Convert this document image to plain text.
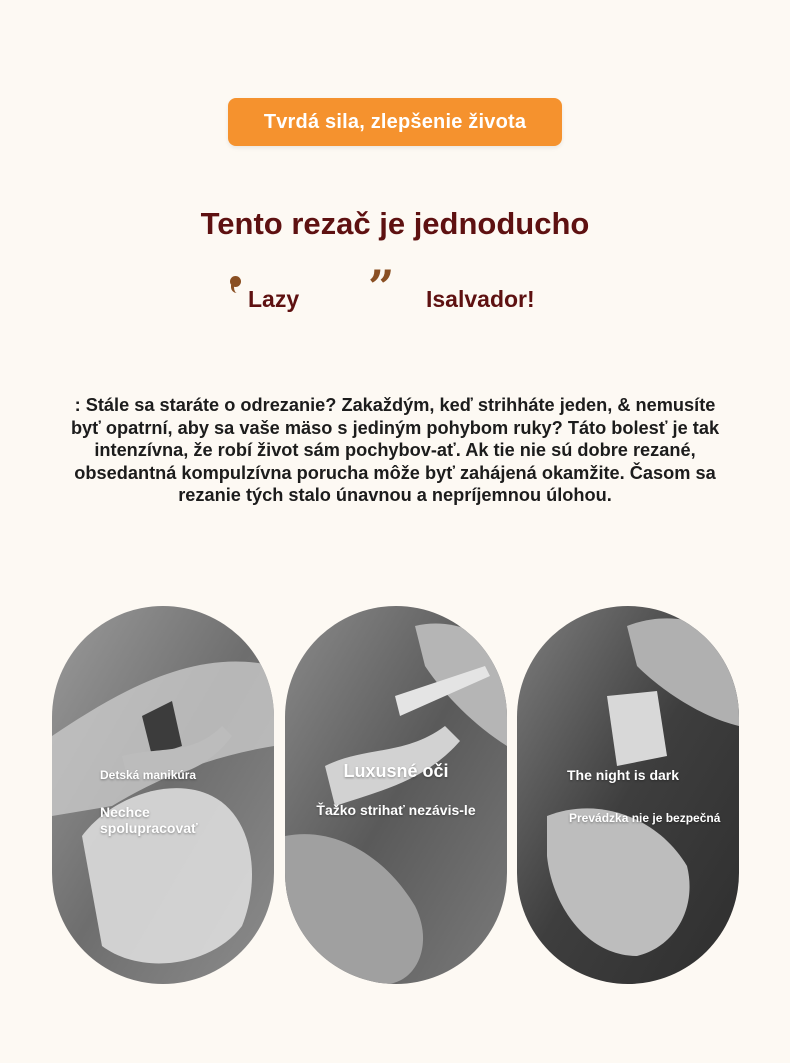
Tvrdá sila, zlepšenie života
Tento rezač je jednoducho
Lazy ” Isalvador!
: Stále sa staráte o odrezanie? Zakaždým, keď strihháte jeden, & nemusíte byť opatrní, aby sa vaše mäso s jediným pohybom ruky? Táto bolesť je tak intenzívna, že robí život sám pochybov-ať. Ak tie nie sú dobre rezané, obsedantná kompulzívna porucha môže byť zahájená okamžite. Časom sa rezanie tých stalo únavnou a nepríjemnou úlohou.
Detská manikúra
Nechce spolupracovať
Luxusné oči
Ťažko strihať nezávis-le
The night is dark
Prevádzka nie je bezpečná
